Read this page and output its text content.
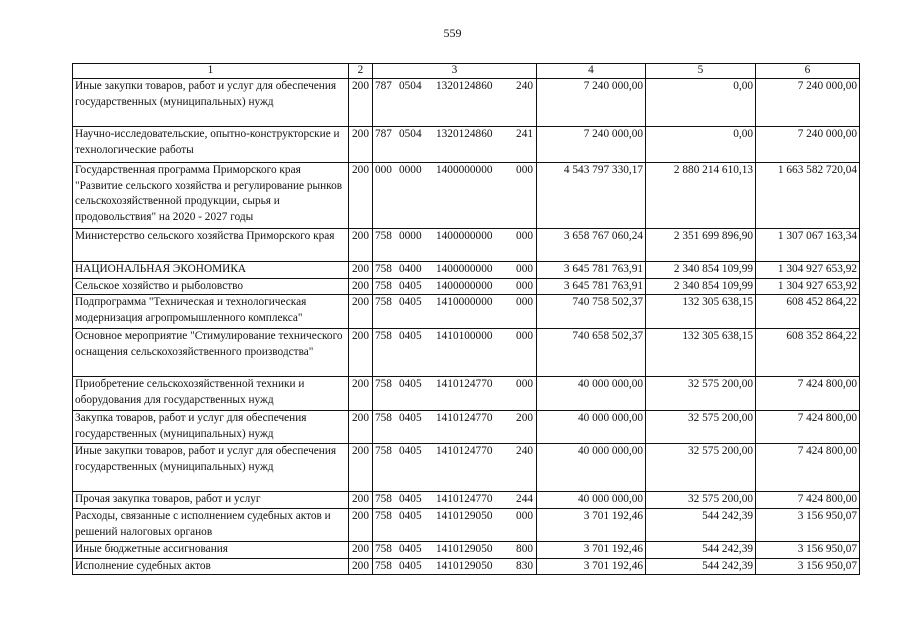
559
1	2	3	4	5	6
Иные закупки товаров, работ и услуг для обеспечения государственных (муниципальных) нужд	200	787 0504 1320124860 240	7 240 000,00	0,00	7 240 000,00
Научно-исследовательские, опытно-конструкторские и технологические работы	200	787 0504 1320124860 241	7 240 000,00	0,00	7 240 000,00
Государственная программа Приморского края "Развитие сельского хозяйства и регулирование рынков сельскохозяйственной продукции, сырья и продовольствия" на 2020 - 2027 годы	200	000 0000 1400000000 000	4 543 797 330,17	2 880 214 610,13	1 663 582 720,04
Министерство сельского хозяйства Приморского края	200	758 0000 1400000000 000	3 658 767 060,24	2 351 699 896,90	1 307 067 163,34
НАЦИОНАЛЬНАЯ ЭКОНОМИКА	200	758 0400 1400000000 000	3 645 781 763,91	2 340 854 109,99	1 304 927 653,92
Сельское хозяйство и рыболовство	200	758 0405 1400000000 000	3 645 781 763,91	2 340 854 109,99	1 304 927 653,92
Подпрограмма "Техническая и технологическая модернизация агропромышленного комплекса"	200	758 0405 1410000000 000	740 758 502,37	132 305 638,15	608 452 864,22
Основное мероприятие "Стимулирование технического оснащения сельскохозяйственного производства"	200	758 0405 1410100000 000	740 658 502,37	132 305 638,15	608 352 864,22
Приобретение сельскохозяйственной техники и оборудования для государственных нужд	200	758 0405 1410124770 000	40 000 000,00	32 575 200,00	7 424 800,00
Закупка товаров, работ и услуг для обеспечения государственных (муниципальных) нужд	200	758 0405 1410124770 200	40 000 000,00	32 575 200,00	7 424 800,00
Иные закупки товаров, работ и услуг для обеспечения государственных (муниципальных) нужд	200	758 0405 1410124770 240	40 000 000,00	32 575 200,00	7 424 800,00
Прочая закупка товаров, работ и услуг	200	758 0405 1410124770 244	40 000 000,00	32 575 200,00	7 424 800,00
Расходы, связанные с исполнением судебных актов и решений налоговых органов	200	758 0405 1410129050 000	3 701 192,46	544 242,39	3 156 950,07
Иные бюджетные ассигнования	200	758 0405 1410129050 800	3 701 192,46	544 242,39	3 156 950,07
Исполнение судебных актов	200	758 0405 1410129050 830	3 701 192,46	544 242,39	3 156 950,07
